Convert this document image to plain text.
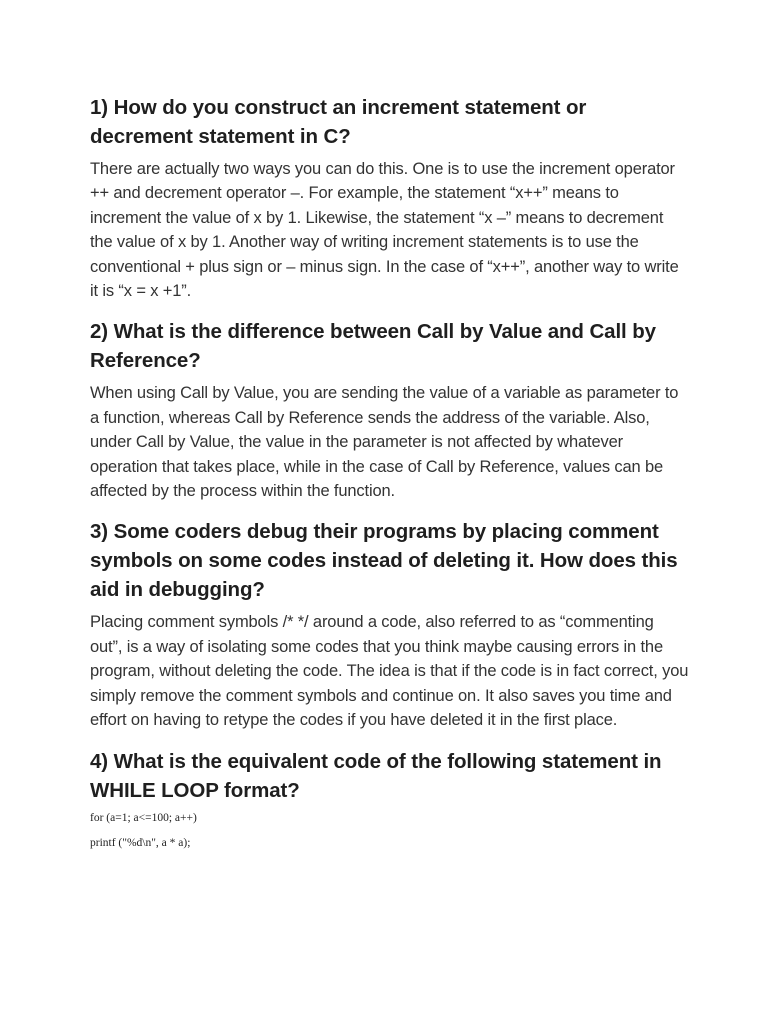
1) How do you construct an increment statement or decrement statement in C?

There are actually two ways you can do this. One is to use the increment operator ++ and decrement operator –. For example, the statement “x++” means to increment the value of x by 1. Likewise, the statement “x –” means to decrement the value of x by 1. Another way of writing increment statements is to use the conventional + plus sign or – minus sign. In the case of “x++”, another way to write it is “x = x +1”.

2) What is the difference between Call by Value and Call by Reference?

When using Call by Value, you are sending the value of a variable as parameter to a function, whereas Call by Reference sends the address of the variable. Also, under Call by Value, the value in the parameter is not affected by whatever operation that takes place, while in the case of Call by Reference, values can be affected by the process within the function.

3) Some coders debug their programs by placing comment symbols on some codes instead of deleting it. How does this aid in debugging?

Placing comment symbols /* */ around a code, also referred to as “commenting out”, is a way of isolating some codes that you think maybe causing errors in the program, without deleting the code. The idea is that if the code is in fact correct, you simply remove the comment symbols and continue on. It also saves you time and effort on having to retype the codes if you have deleted it in the first place.

4) What is the equivalent code of the following statement in WHILE LOOP format?

for (a=1; a<=100; a++)

printf ("%d\n", a * a);
